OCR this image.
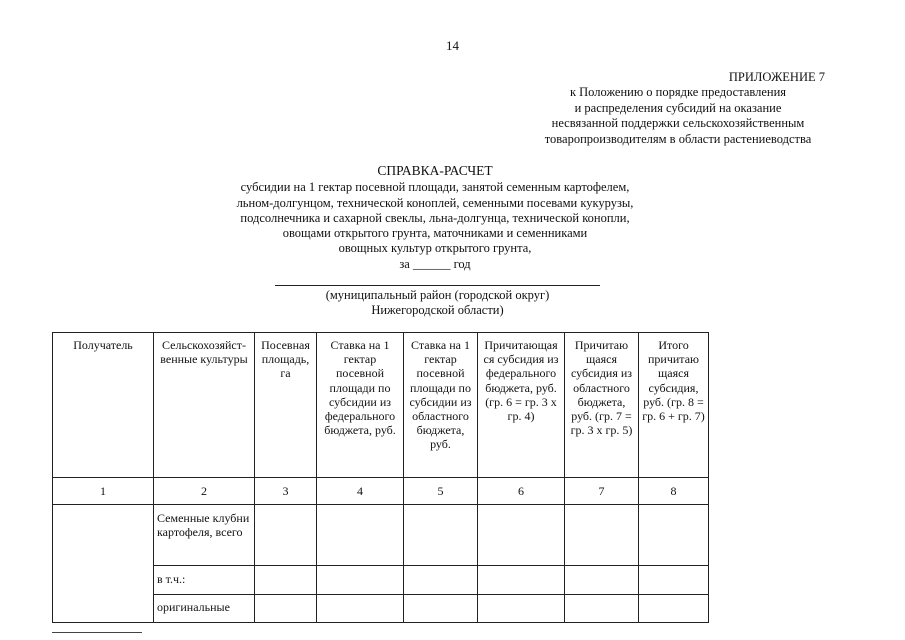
14
ПРИЛОЖЕНИЕ 7
к Положению о порядке предоставления
и распределения субсидий на оказание
несвязанной поддержки сельскохозяйственным
товаропроизводителям в области растениеводства
СПРАВКА-РАСЧЕТ
субсидии на 1 гектар посевной площади, занятой семенным картофелем,
льном-долгунцом, технической коноплей, семенными посевами кукурузы,
подсолнечника и сахарной свеклы, льна-долгунца, технической конопли,
овощами открытого грунта, маточниками и семенниками
овощных культур открытого грунта,
за ______ год
(муниципальный район (городской округ)
Нижегородской области)
Получатель	Сельскохозяйст-венные культуры	Посевная площадь, га	Ставка на 1 гектар посевной площади по субсидии из федерального бюджета, руб.	Ставка на 1 гектар посевной площади по субсидии из областного бюджета, руб.	Причитающая ся субсидия из федерального бюджета, руб. (гр. 6 = гр. 3 x гр. 4)	Причитаю щаяся субсидия из областного бюджета, руб. (гр. 7 = гр. 3 x гр. 5)	Итого причитаю щаяся субсидия, руб. (гр. 8 = гр. 6 + гр. 7)
1	2	3	4	5	6	7	8
	Семенные клубни картофеля, всего						
	в т.ч.:						
	оригинальные						
